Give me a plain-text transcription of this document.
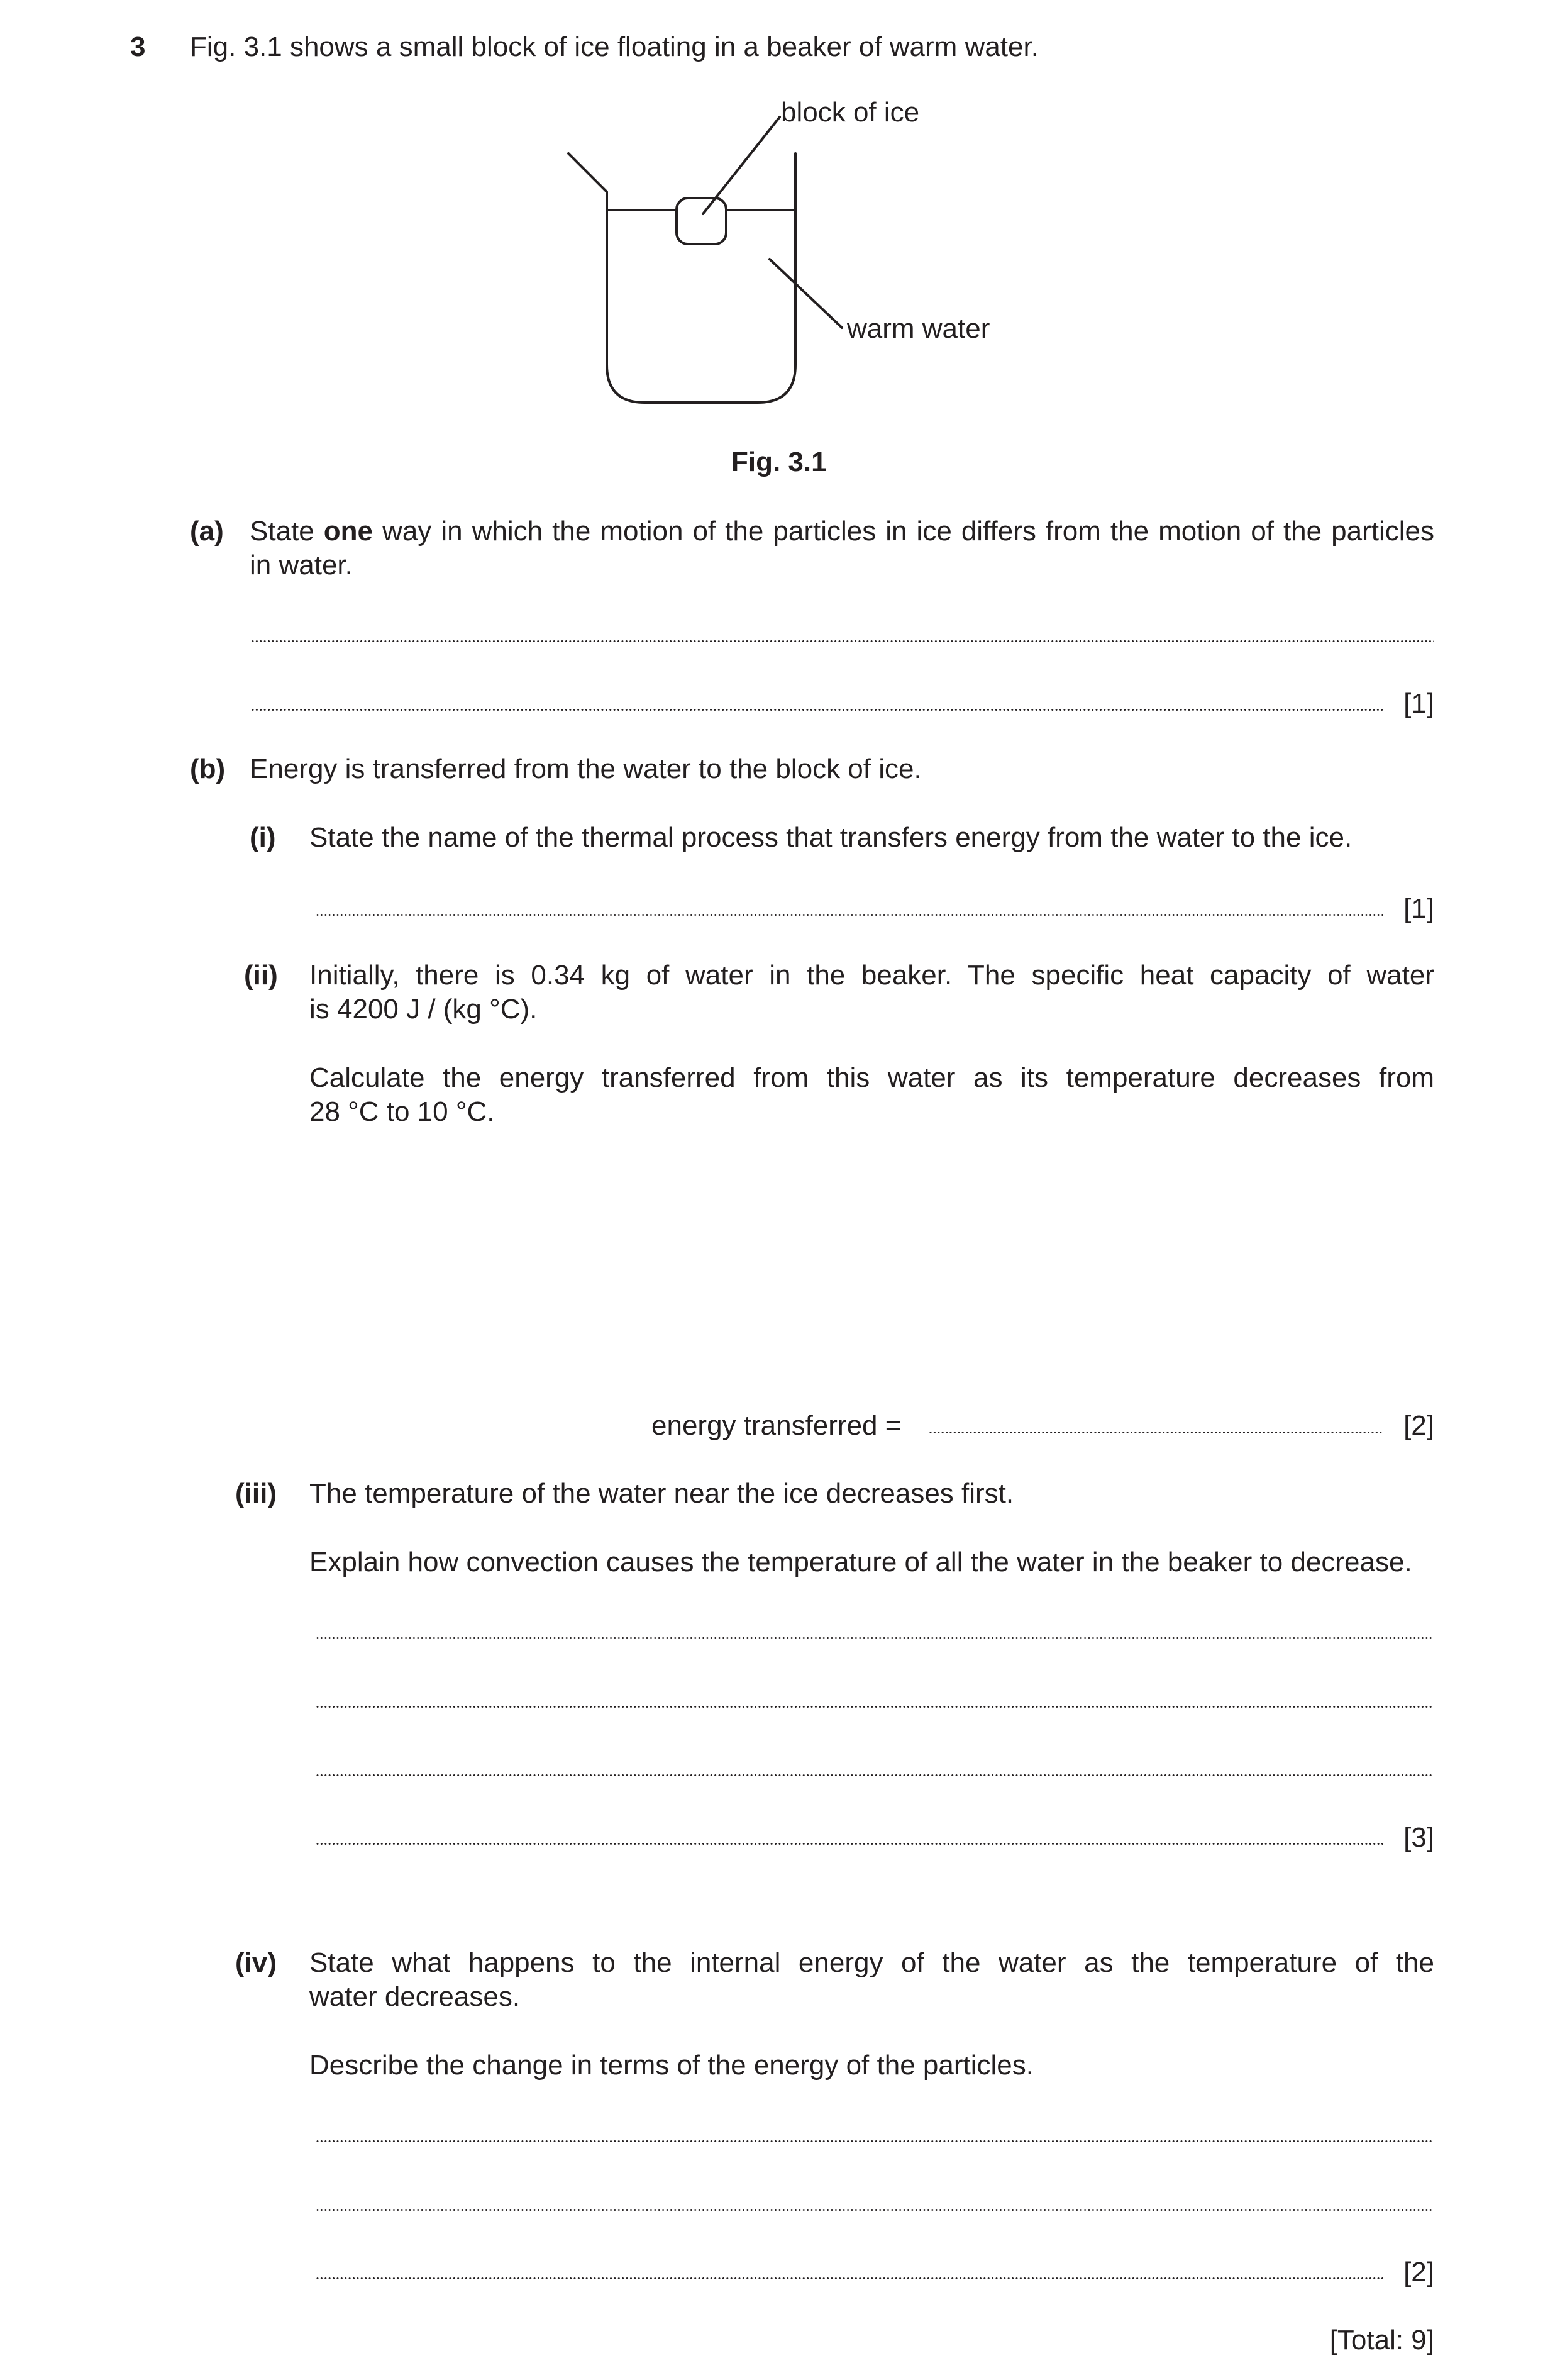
3 Fig. 3.1 shows a small block of ice floating in a beaker of warm water.
block of ice
warm water
Fig. 3.1
(a) State one way in which the motion of the particles in ice differs from the motion of the particles
in water.
[1]
(b) Energy is transferred from the water to the block of ice.
(i) State the name of the thermal process that transfers energy from the water to the ice.
[1]
(ii) Initially, there is 0.34 kg of water in the beaker. The specific heat capacity of water
is 4200 J / (kg °C).
Calculate the energy transferred from this water as its temperature decreases from
28 °C to 10 °C.
energy transferred =	[2]
(iii) The temperature of the water near the ice decreases first.
Explain how convection causes the temperature of all the water in the beaker to decrease.
[3]
(iv) State what happens to the internal energy of the water as the temperature of the
water decreases.
Describe the change in terms of the energy of the particles.
[2]
[Total: 9]
